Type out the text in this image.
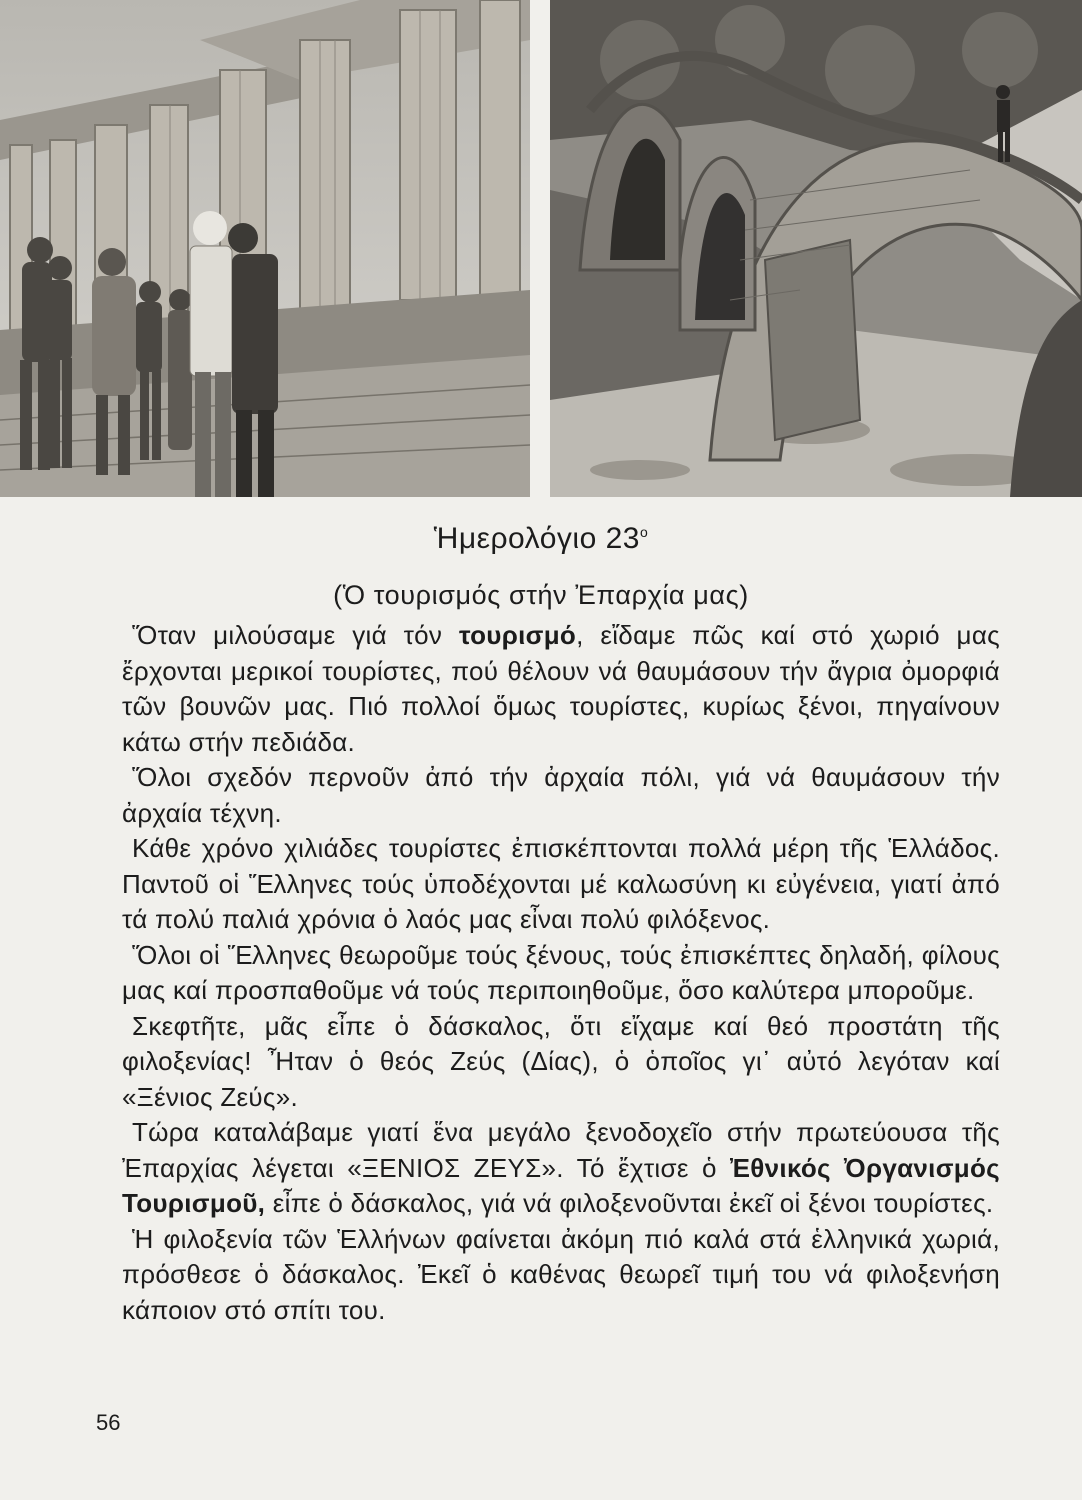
Ἡμερολόγιο $23^o$
(Ὁ τουρισμός στήν Ἐπαρχία μας)

Ὅταν μιλούσαμε γιά τόν τουρισμό, εἴδαμε πῶς καί στό χωριό μας ἔρχονται μερικοί τουρίστες, πού θέλουν νά θαυμάσουν τήν ἄγρια ὀμορφιά τῶν βουνῶν μας. Πιό πολλοί ὅμως τουρίστες, κυρίως ξένοι, πηγαίνουν κάτω στήν πεδιάδα.

Ὅλοι σχεδόν περνοῦν ἀπό τήν ἀρχαία πόλι, γιά νά θαυμάσουν τήν ἀρχαία τέχνη.

Κάθε χρόνο χιλιάδες τουρίστες ἐπισκέπτονται πολλά μέρη τῆς Ἑλλάδος. Παντοῦ οἱ Ἕλληνες τούς ὑποδέχονται μέ καλωσύνη κι εὐγένεια, γιατί ἀπό τά πολύ παλιά χρόνια ὁ λαός μας εἶναι πολύ φιλόξενος.

Ὅλοι οἱ Ἕλληνες θεωροῦμε τούς ξένους, τούς ἐπισκέπτες δηλαδή, φίλους μας καί προσπαθοῦμε νά τούς περιποιηθοῦμε, ὅσο καλύτερα μποροῦμε.

Σκεφτῆτε, μᾶς εἶπε ὁ δάσκαλος, ὅτι εἴχαμε καί θεό προστάτη τῆς φιλοξενίας! Ἦταν ὁ θεός Ζεύς (Δίας), ὁ ὁποῖος γι᾽ αὐτό λεγόταν καί «Ξένιος Ζεύς».

Τώρα καταλάβαμε γιατί ἕνα μεγάλο ξενοδοχεῖο στήν πρωτεύουσα τῆς Ἐπαρχίας λέγεται «ΞΕΝΙΟΣ ΖΕΥΣ». Τό ἔχτισε ὁ Ἐθνικός Ὀργανισμός Τουρισμοῦ, εἶπε ὁ δάσκαλος, γιά νά φιλοξενοῦνται ἐκεῖ οἱ ξένοι τουρίστες.

Ἡ φιλοξενία τῶν Ἑλλήνων φαίνεται ἀκόμη πιό καλά στά ἑλληνικά χωριά, πρόσθεσε ὁ δάσκαλος. Ἐκεῖ ὁ καθένας θεωρεῖ τιμή του νά φιλοξενήση κάποιον στό σπίτι του.

56
